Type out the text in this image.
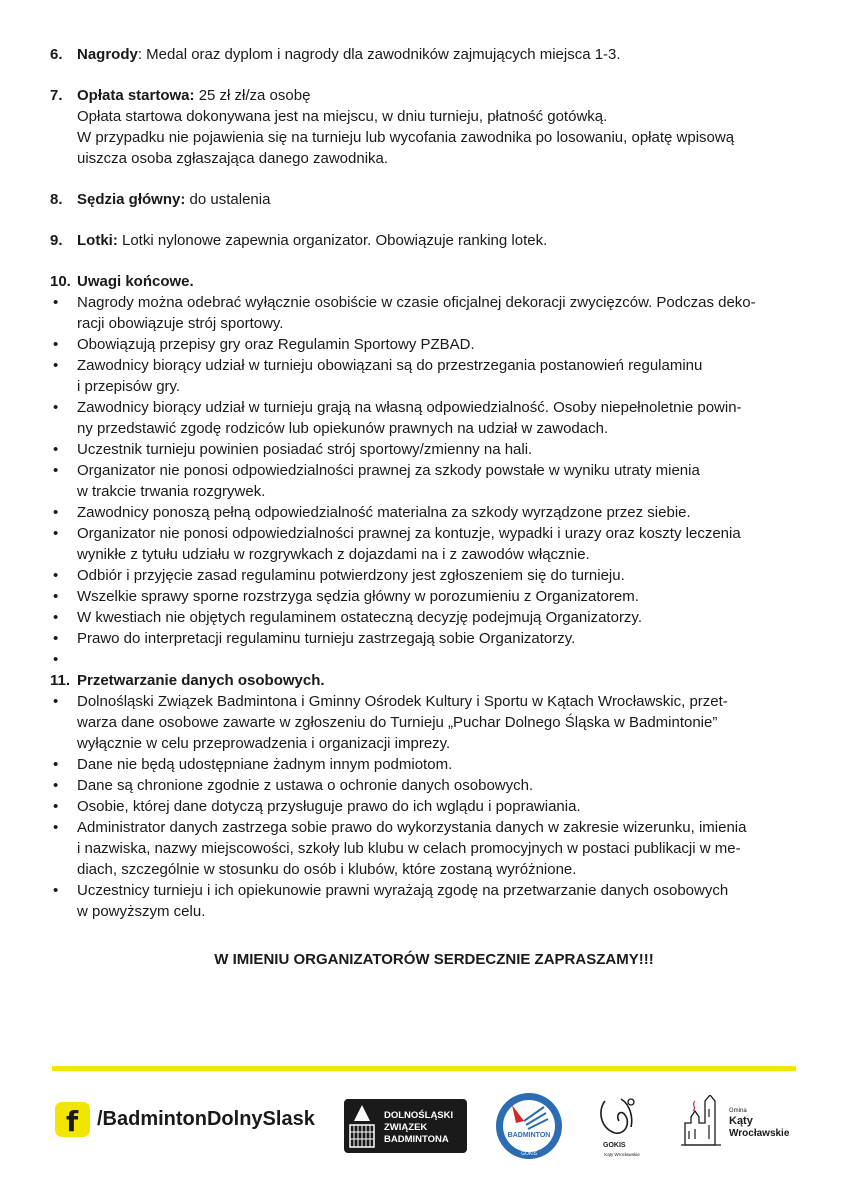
6. Nagrody: Medal oraz dyplom i nagrody dla zawodników zajmujących miejsca 1-3.
7. Opłata startowa: 25 zł zł/za osobę
Opłata startowa dokonywana jest na miejscu, w dniu turnieju, płatność gotówką.
W przypadku nie pojawienia się na turnieju lub wycofania zawodnika po losowaniu, opłatę wpisową
uiszcza osoba zgłaszająca danego zawodnika.
8. Sędzia główny: do ustalenia
9. Lotki: Lotki nylonowe zapewnia organizator. Obowiązuje ranking lotek.
10. Uwagi końcowe.
• Nagrody można odebrać wyłącznie osobiście w czasie oficjalnej dekoracji zwycięzców. Podczas deko-
racji obowiązuje strój sportowy.
• Obowiązują przepisy gry oraz Regulamin Sportowy PZBAD.
• Zawodnicy biorący udział w turnieju obowiązani są do przestrzegania postanowień regulaminu
i przepisów gry.
• Zawodnicy biorący udział w turnieju grają na własną odpowiedzialność. Osoby niepełnoletnie powin-
ny przedstawić zgodę rodziców lub opiekunów prawnych na udział w zawodach.
• Uczestnik turnieju powinien posiadać strój sportowy/zmienny na hali.
• Organizator nie ponosi odpowiedzialności prawnej za szkody powstałe w wyniku utraty mienia
w trakcie trwania rozgrywek.
• Zawodnicy ponoszą pełną odpowiedzialność materialna za szkody wyrządzone przez siebie.
• Organizator nie ponosi odpowiedzialności prawnej za kontuzje, wypadki i urazy oraz koszty leczenia
wynikłe z tytułu udziału w rozgrywkach z dojazdami na i z zawodów włącznie.
• Odbiór i przyjęcie zasad regulaminu potwierdzony jest zgłoszeniem się do turnieju.
• Wszelkie sprawy sporne rozstrzyga sędzia główny w porozumieniu z Organizatorem.
• W kwestiach nie objętych regulaminem ostateczną decyzję podejmują Organizatorzy.
• Prawo do interpretacji regulaminu turnieju zastrzegają sobie Organizatorzy.
•

11. Przetwarzanie danych osobowych.
• Dolnośląski Związek Badmintona i Gminny Ośrodek Kultury i Sportu w Kątach Wrocławskic, przet-
warza dane osobowe zawarte w zgłoszeniu do Turnieju „Puchar Dolnego Śląska w Badmintonie”
wyłącznie w celu przeprowadzenia i organizacji imprezy.
• Dane nie będą udostępniane żadnym innym podmiotom.
• Dane są chronione zgodnie z ustawa o ochronie danych osobowych.
• Osobie, której dane dotyczą przysługuje prawo do ich wglądu i poprawiania.
• Administrator danych zastrzega sobie prawo do wykorzystania danych w zakresie wizerunku, imienia
i nazwiska, nazwy miejscowości, szkoły lub klubu w celach promocyjnych w postaci publikacji w me-
diach, szczególnie w stosunku do osób i klubów, które zostaną wyróżnione.
• Uczestnicy turnieju i ich opiekunowie prawni wyrażają zgodę na przetwarzanie danych osobowych
w powyższym celu.
W IMIENIU ORGANIZATORÓW SERDECZNIE ZAPRASZAMY!!!
f /BadmintonDolnySlask	DOLNOŚLĄSKI
ZWIĄZEK
BADMINTONA	BADMINTON
GOKIS
GOKIS
Kąty Wrocławskie
Gmina
Kąty
Wrocławskie
